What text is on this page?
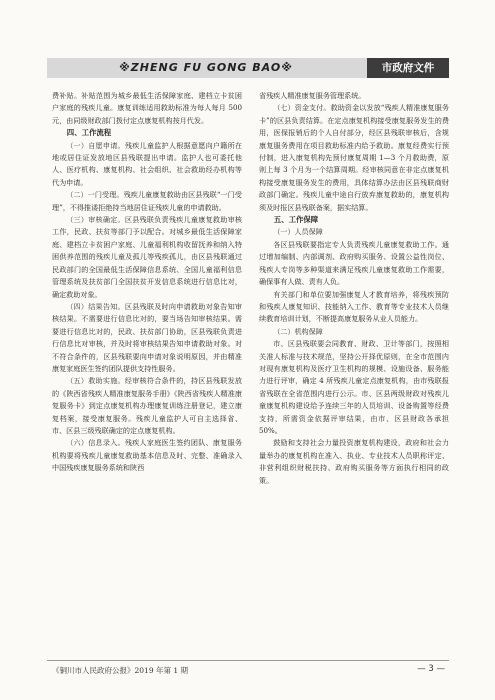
※ZHENG FU GONG BAO※	市政府文件

费补贴。补贴范围为城乡最低生活保障家庭、建档立卡贫困户家庭的残疾儿童。康复训练适用救助标准为每人每月 500 元，由同级财政部门拨付定点康复机构按月代发。

四、工作流程

（一）自愿申请。残疾儿童监护人根据意愿向户籍所在地或居住证发放地区县残联提出申请。监护人也可委托他人、医疗机构、康复机构、社会组织、社会救助经办机构等代为申请。

（二）一门受理。残疾儿童康复救助由区县残联“一门受理”，不得推诿拒绝持当地居住证残疾儿童的申请救助。

（三）审核确定。区县残联负责残疾儿童康复救助审核工作，民政、扶贫等部门予以配合。对城乡最低生活保障家庭、建档立卡贫困户家庭、儿童福利机构收留抚养和纳入特困供养范围的残疾儿童及孤儿等残疾孤儿，由区县残联通过民政部门的全国最低生活保障信息系统、全国儿童福利信息管理系统及扶贫部门全国扶贫开发信息系统进行信息比对，确定救助对象。

（四）结果告知。区县残联及时向申请救助对象告知审核结果。不需要进行信息比对的，要当场告知审核结果。需要进行信息比对的，民政、扶贫部门协助，区县残联负责进行信息比对审核，并及时将审核结果告知申请救助对象。对不符合条件的，区县残联要向申请对象说明原因，并由精准康复家庭医生签约团队提供支持性服务。

（五）救助实施。经审核符合条件的，持区县残联发放的《陕西省残疾人精准康复服务手册》《陕西省残疾人精准康复服务卡》到定点康复机构办理康复训练注册登记，建立康复档案，接受康复服务。残疾儿童监护人可自主选择省、市、区县三级残联确定的定点康复机构。

（六）信息录入。残疾人家庭医生签约团队、康复服务机构要将残疾儿童康复救助基本信息及时、完整、准确录入中国残疾康复服务系统和陕西

省残疾人精准康复服务管理系统。

（七）资金支付。救助资金以发放“残疾人精准康复服务卡”的区县负责结算。在定点康复机构接受康复服务发生的费用，医保报销后的个人自付部分，经区县残联审核后，含规康复服务费用在项目救助标准内给予救助。康复经费实行预付制，进入康复机构先预付康复周期 1—3 个月救助费，原则上每 3 个月为一个结算周期。经审核同意在非定点康复机构接受康复服务发生的费用，具体结算办法由区县残联商财政部门确定。残疾儿童中途自行放弃康复救助的，康复机构须及时报区县残联备案，据实结算。

五、工作保障
（一）人员保障

各区县残联要指定专人负责残疾儿童康复救助工作。通过增加编制、内部调剂、政府购买服务、设置公益性岗位、残疾人专岗等多种渠道来满足残疾儿童康复救助工作需要，确保事有人做、责有人负。

有关部门和单位要加强康复人才教育培养，将残疾预防和残疾人康复知识、技能纳入工作、教育等专业技术人员继续教育培训计划，不断提高康复服务从业人员能力。

（二）机构保障

市、区县残联要会同教育、财政、卫计等部门，按照相关准人标准与技术规范，坚持公开择优原则，在全市范围内对现有康复机构及医疗卫生机构的规模、设施设备、服务能力进行评审，确定 4 所残疾儿童定点康复机构，由市残联报省残联在全省范围内进行公示。市、区县两级财政对残疾儿童康复机构建设给予连续三年的人员培训、设备购置等经费支持，所需资金依据评审结果，由市、区县财政各承担 50%。

鼓励和支持社会力量投资康复机构建设，政府和社会力量举办的康复机构在准入、执业、专业技术人员职称评定、非营利组织财税扶持、政府购买服务等方面执行相同的政策。

《铜川市人民政府公报》2019 年第 1 期	— 3 —
